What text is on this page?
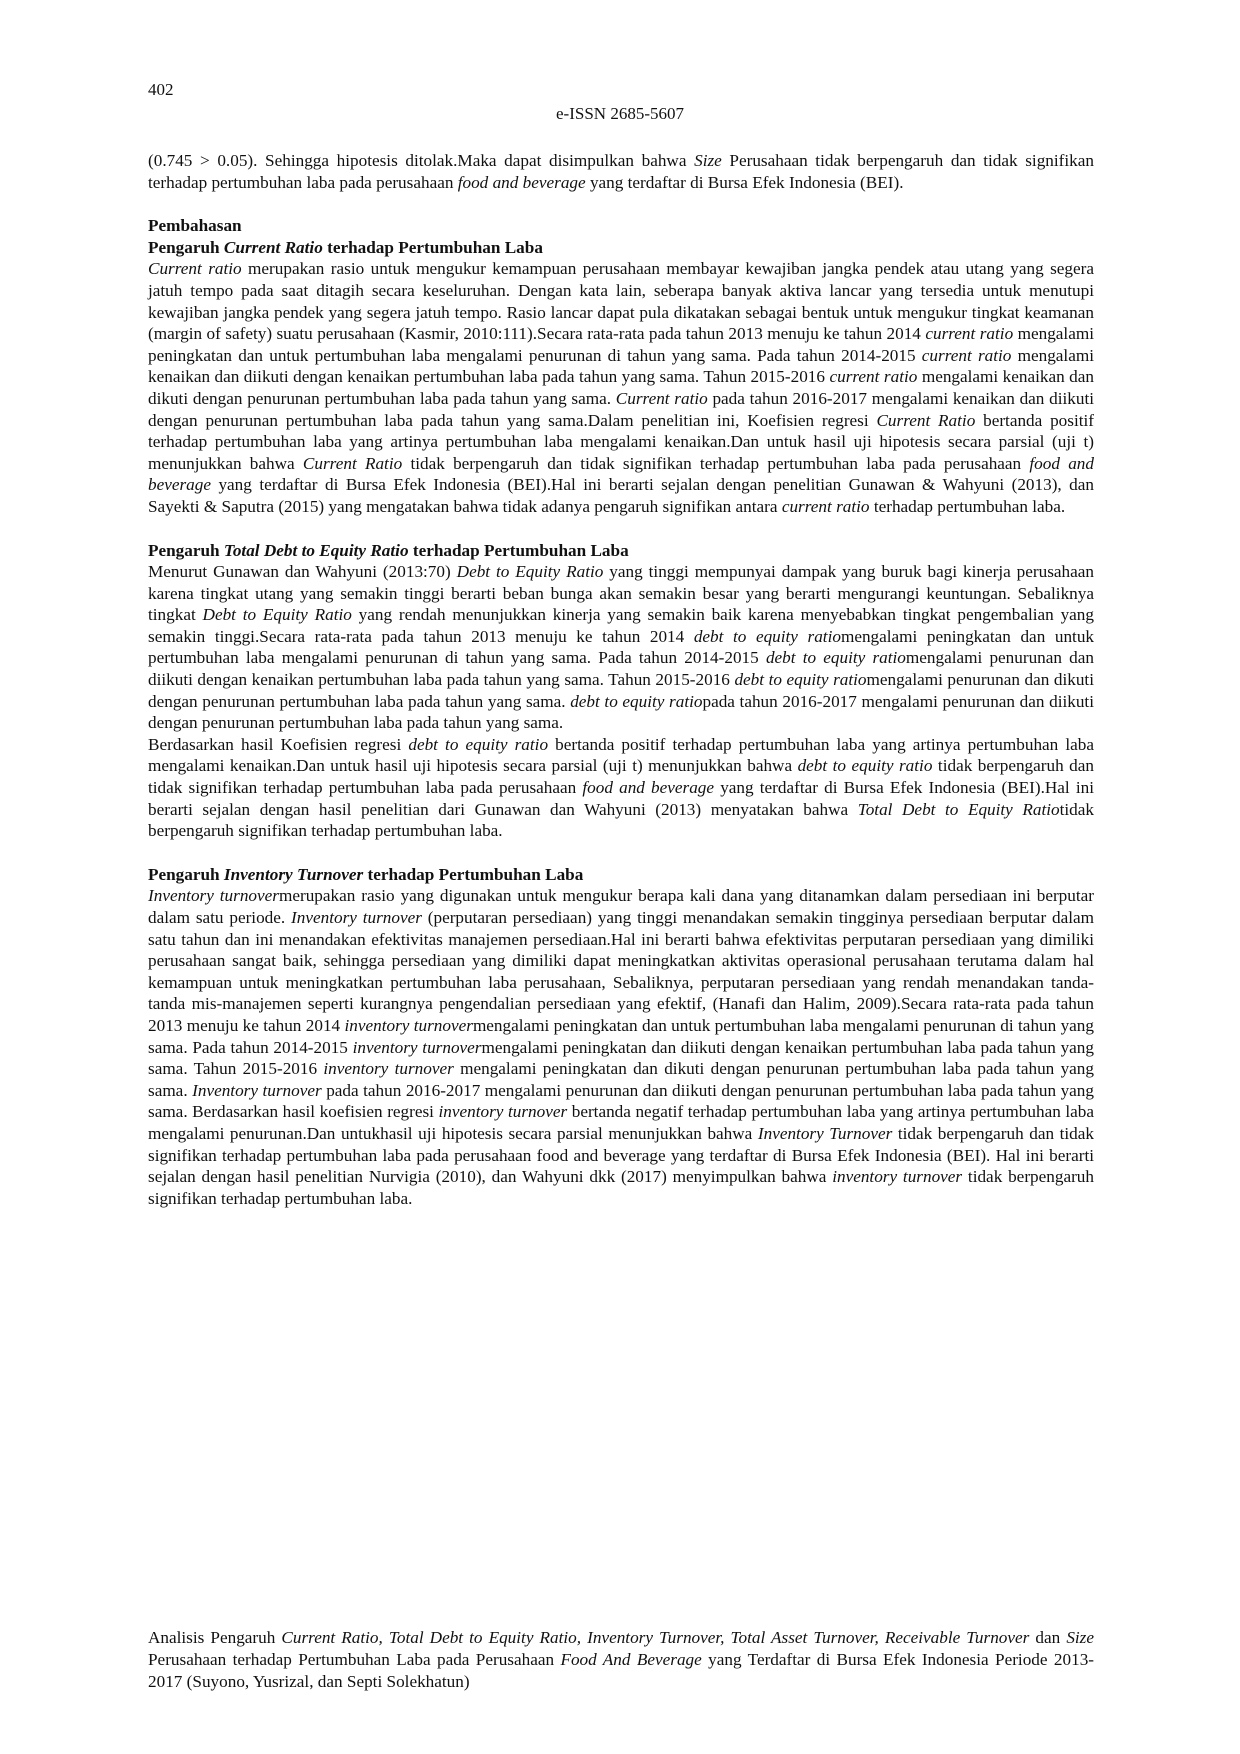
402
e-ISSN 2685-5607

(0.745 > 0.05). Sehingga hipotesis ditolak.Maka dapat disimpulkan bahwa Size Perusahaan tidak berpengaruh dan tidak signifikan terhadap pertumbuhan laba pada perusahaan food and beverage yang terdaftar di Bursa Efek Indonesia (BEI).

Pembahasan

Pengaruh Current Ratio terhadap Pertumbuhan Laba

Current ratio merupakan rasio untuk mengukur kemampuan perusahaan membayar kewajiban jangka pendek atau utang yang segera jatuh tempo pada saat ditagih secara keseluruhan. Dengan kata lain, seberapa banyak aktiva lancar yang tersedia untuk menutupi kewajiban jangka pendek yang segera jatuh tempo. Rasio lancar dapat pula dikatakan sebagai bentuk untuk mengukur tingkat keamanan (margin of safety) suatu perusahaan (Kasmir, 2010:111).Secara rata-rata pada tahun 2013 menuju ke tahun 2014 current ratio mengalami peningkatan dan untuk pertumbuhan laba mengalami penurunan di tahun yang sama. Pada tahun 2014-2015 current ratio mengalami kenaikan dan diikuti dengan kenaikan pertumbuhan laba pada tahun yang sama. Tahun 2015-2016 current ratio mengalami kenaikan dan dikuti dengan penurunan pertumbuhan laba pada tahun yang sama. Current ratio pada tahun 2016-2017 mengalami kenaikan dan diikuti dengan penurunan pertumbuhan laba pada tahun yang sama.Dalam penelitian ini, Koefisien regresi Current Ratio bertanda positif terhadap pertumbuhan laba yang artinya pertumbuhan laba mengalami kenaikan.Dan untuk hasil uji hipotesis secara parsial (uji t) menunjukkan bahwa Current Ratio tidak berpengaruh dan tidak signifikan terhadap pertumbuhan laba pada perusahaan food and beverage yang terdaftar di Bursa Efek Indonesia (BEI).Hal ini berarti sejalan dengan penelitian Gunawan & Wahyuni (2013), dan Sayekti & Saputra (2015) yang mengatakan bahwa tidak adanya pengaruh signifikan antara current ratio terhadap pertumbuhan laba.

Pengaruh Total Debt to Equity Ratio terhadap Pertumbuhan Laba

Menurut Gunawan dan Wahyuni (2013:70) Debt to Equity Ratio yang tinggi mempunyai dampak yang buruk bagi kinerja perusahaan karena tingkat utang yang semakin tinggi berarti beban bunga akan semakin besar yang berarti mengurangi keuntungan. Sebaliknya tingkat Debt to Equity Ratio yang rendah menunjukkan kinerja yang semakin baik karena menyebabkan tingkat pengembalian yang semakin tinggi.Secara rata-rata pada tahun 2013 menuju ke tahun 2014 debt to equity ratiomengalami peningkatan dan untuk pertumbuhan laba mengalami penurunan di tahun yang sama. Pada tahun 2014-2015 debt to equity ratiomengalami penurunan dan diikuti dengan kenaikan pertumbuhan laba pada tahun yang sama. Tahun 2015-2016 debt to equity ratiomengalami penurunan dan dikuti dengan penurunan pertumbuhan laba pada tahun yang sama. debt to equity ratiopada tahun 2016-2017 mengalami penurunan dan diikuti dengan penurunan pertumbuhan laba pada tahun yang sama.

Berdasarkan hasil Koefisien regresi debt to equity ratio bertanda positif terhadap pertumbuhan laba yang artinya pertumbuhan laba mengalami kenaikan.Dan untuk hasil uji hipotesis secara parsial (uji t) menunjukkan bahwa debt to equity ratio tidak berpengaruh dan tidak signifikan terhadap pertumbuhan laba pada perusahaan food and beverage yang terdaftar di Bursa Efek Indonesia (BEI).Hal ini berarti sejalan dengan hasil penelitian dari Gunawan dan Wahyuni (2013) menyatakan bahwa Total Debt to Equity Ratiotidak berpengaruh signifikan terhadap pertumbuhan laba.

Pengaruh Inventory Turnover terhadap Pertumbuhan Laba

Inventory turnovermerupakan rasio yang digunakan untuk mengukur berapa kali dana yang ditanamkan dalam persediaan ini berputar dalam satu periode. Inventory turnover (perputaran persediaan) yang tinggi menandakan semakin tingginya persediaan berputar dalam satu tahun dan ini menandakan efektivitas manajemen persediaan.Hal ini berarti bahwa efektivitas perputaran persediaan yang dimiliki perusahaan sangat baik, sehingga persediaan yang dimiliki dapat meningkatkan aktivitas operasional perusahaan terutama dalam hal kemampuan untuk meningkatkan pertumbuhan laba perusahaan, Sebaliknya, perputaran persediaan yang rendah menandakan tanda-tanda mis-manajemen seperti kurangnya pengendalian persediaan yang efektif, (Hanafi dan Halim, 2009).Secara rata-rata pada tahun 2013 menuju ke tahun 2014 inventory turnovermengalami peningkatan dan untuk pertumbuhan laba mengalami penurunan di tahun yang sama. Pada tahun 2014-2015 inventory turnovermengalami peningkatan dan diikuti dengan kenaikan pertumbuhan laba pada tahun yang sama. Tahun 2015-2016 inventory turnover mengalami peningkatan dan dikuti dengan penurunan pertumbuhan laba pada tahun yang sama. Inventory turnover pada tahun 2016-2017 mengalami penurunan dan diikuti dengan penurunan pertumbuhan laba pada tahun yang sama. Berdasarkan hasil koefisien regresi inventory turnover bertanda negatif terhadap pertumbuhan laba yang artinya pertumbuhan laba mengalami penurunan.Dan untukhasil uji hipotesis secara parsial menunjukkan bahwa Inventory Turnover tidak berpengaruh dan tidak signifikan terhadap pertumbuhan laba pada perusahaan food and beverage yang terdaftar di Bursa Efek Indonesia (BEI). Hal ini berarti sejalan dengan hasil penelitian Nurvigia (2010), dan Wahyuni dkk (2017) menyimpulkan bahwa inventory turnover tidak berpengaruh signifikan terhadap pertumbuhan laba.

Analisis Pengaruh Current Ratio, Total Debt to Equity Ratio, Inventory Turnover, Total Asset Turnover, Receivable Turnover dan Size Perusahaan terhadap Pertumbuhan Laba pada Perusahaan Food And Beverage yang Terdaftar di Bursa Efek Indonesia Periode 2013-2017 (Suyono, Yusrizal, dan Septi Solekhatun)
